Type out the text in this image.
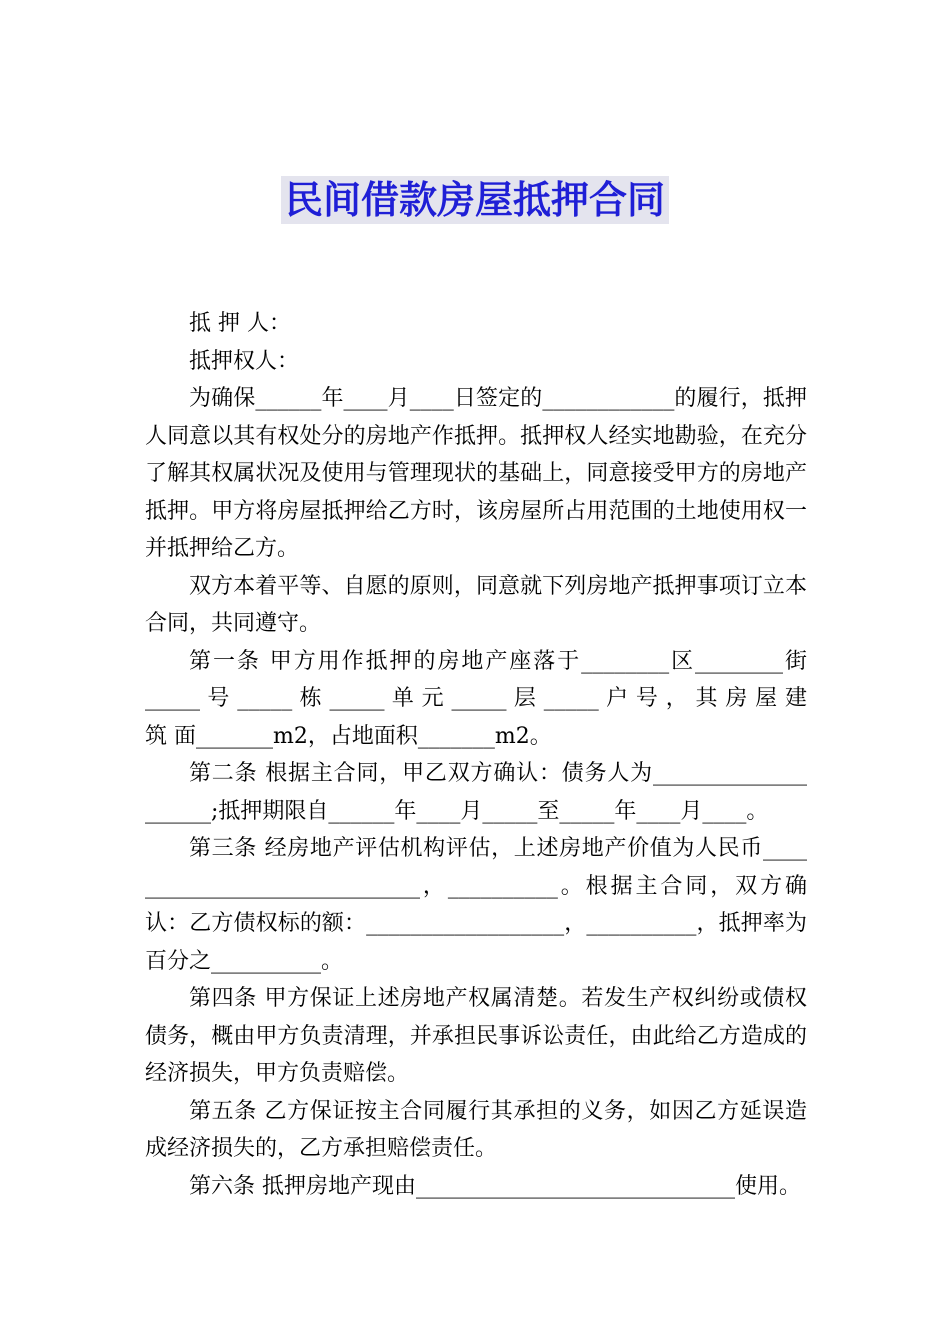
民间借款房屋抵押合同

抵 押 人：

抵押权人：

为确保______年____月____日签定的____________的履行，抵押人同意以其有权处分的房地产作抵押。抵押权人经实地勘验，在充分了解其权属状况及使用与管理现状的基础上，同意接受甲方的房地产抵押。甲方将房屋抵押给乙方时，该房屋所占用范围的土地使用权一并抵押给乙方。

双方本着平等、自愿的原则，同意就下列房地产抵押事项订立本合同，共同遵守。

第一条 甲方用作抵押的房地产座落于________区________街_____ 号 _____ 栋 _____ 单 元 _____ 层 _____ 户 号 ， 其 房 屋 建 筑 面_______m2，占地面积_______m2。

第二条 根据主合同，甲乙双方确认：债务人为______________ ______;抵押期限自______年____月_____至_____年____月____。

第三条 经房地产评估机构评估，上述房地产价值为人民币____ _________________________，__________。根据主合同，双方确认：乙方债权标的额：__________________，__________，抵押率为百分之__________。

第四条 甲方保证上述房地产权属清楚。若发生产权纠纷或债权债务，概由甲方负责清理，并承担民事诉讼责任，由此给乙方造成的经济损失，甲方负责赔偿。

第五条 乙方保证按主合同履行其承担的义务，如因乙方延误造成经济损失的，乙方承担赔偿责任。

第六条 抵押房地产现由_____________________________使用。
